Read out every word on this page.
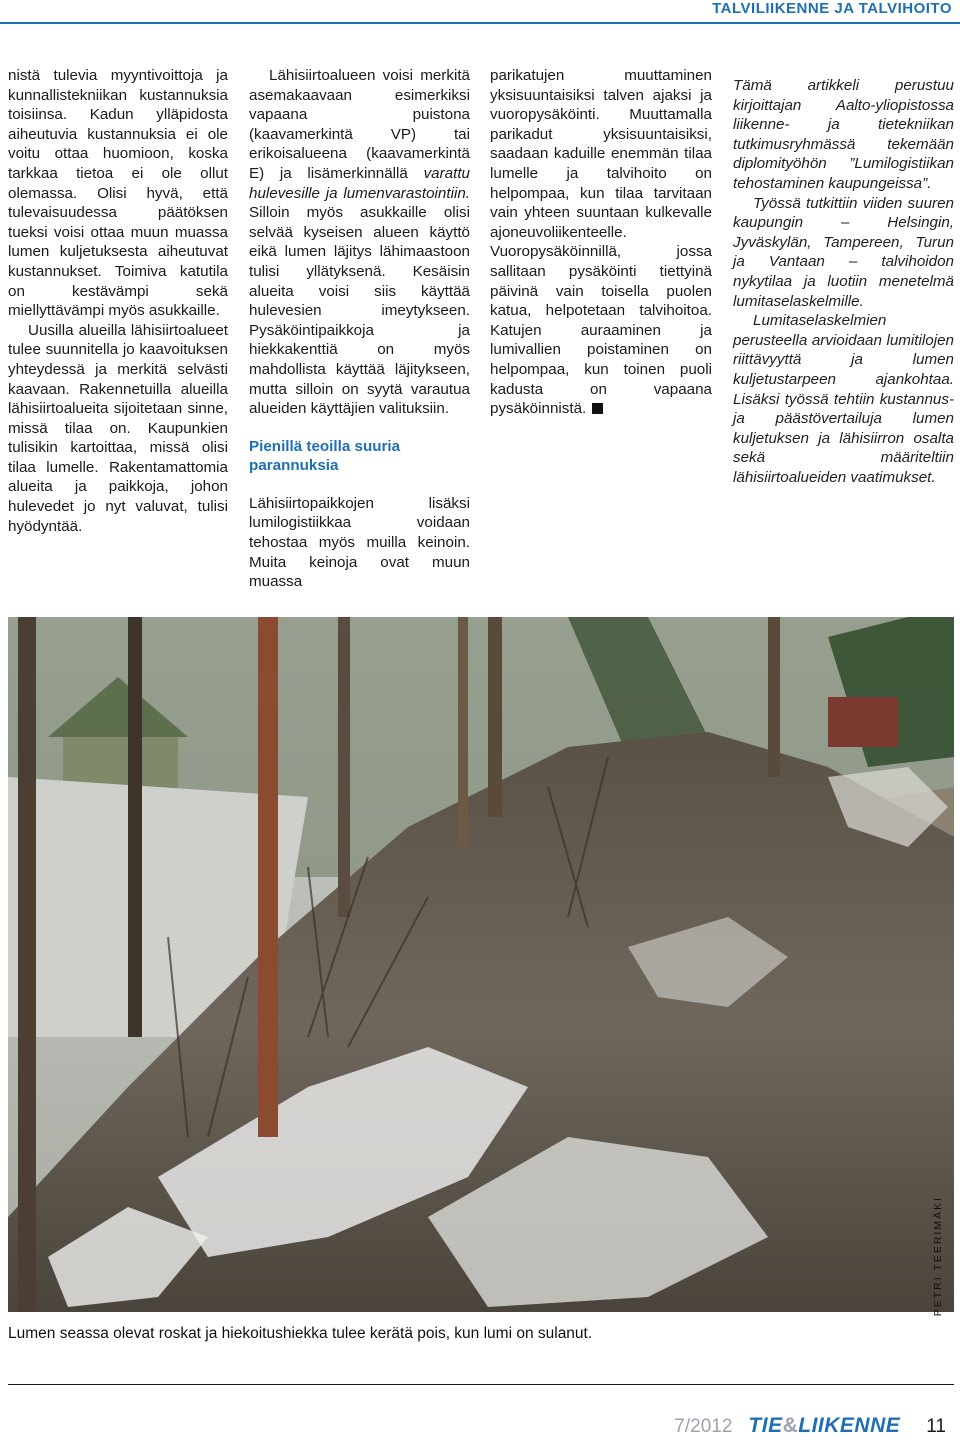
TALVILIIKENNE JA TALVIHOITO

nistä tulevia myyntivoittoja ja kunnallistekniikan kustannuksia toisiinsa. Kadun ylläpidosta aiheutuvia kustannuksia ei ole voitu ottaa huomioon, koska tarkkaa tietoa ei ole ollut olemassa. Olisi hyvä, että tulevaisuudessa päätöksen tueksi voisi ottaa muun muassa lumen kuljetuksesta aiheutuvat kustannukset. Toimiva katutila on kestävämpi sekä miellyttävämpi myös asukkaille.

Uusilla alueilla lähisiirtoalueet tulee suunnitella jo kaavoituksen yhteydessä ja merkitä selvästi kaavaan. Rakennetuilla alueilla lähisiirtoalueita sijoitetaan sinne, missä tilaa on. Kaupunkien tulisikin kartoittaa, missä olisi tilaa lumelle. Rakentamattomia alueita ja paikkoja, johon hulevedet jo nyt valuvat, tulisi hyödyntää.

Lähisiirtoalueen voisi merkitä asemakaavaan esimerkiksi vapaana puistona (kaavamerkintä VP) tai erikoisalueena (kaavamerkintä E) ja lisämerkinnällä varattu hulevesille ja lumenvarastointiin. Silloin myös asukkaille olisi selvää kyseisen alueen käyttö eikä lumen läjitys lähimaastoon tulisi yllätyksenä. Kesäisin alueita voisi siis käyttää hulevesien imeytykseen. Pysäköintipaikkoja ja hiekkakenttiä on myös mahdollista käyttää läjitykseen, mutta silloin on syytä varautua alueiden käyttäjien valituksiin.

Pienillä teoilla suuria parannuksia

Lähisiirtopaikkojen lisäksi lumilogistiikkaa voidaan tehostaa myös muilla keinoin. Muita keinoja ovat muun muassa

parikatujen muuttaminen yksisuuntaisiksi talven ajaksi ja vuoropysäköinti. Muuttamalla parikadut yksisuuntaisiksi, saadaan kaduille enemmän tilaa lumelle ja talvihoito on helpompaa, kun tilaa tarvitaan vain yhteen suuntaan kulkevalle ajoneuvoliikenteelle. Vuoropysäköinnillä, jossa sallitaan pysäköinti tiettyinä päivinä vain toisella puolen katua, helpotetaan talvihoitoa. Katujen auraaminen ja lumivallien poistaminen on helpompaa, kun toinen puoli kadusta on vapaana pysäköinnistä.

Tämä artikkeli perustuu kirjoittajan Aalto-yliopistossa liikenne- ja tietekniikan tutkimusryhmässä tekemään diplomityöhön ”Lumilogistiikan tehostaminen kaupungeissa”.

Työssä tutkittiin viiden suuren kaupungin – Helsingin, Jyväskylän, Tampereen, Turun ja Vantaan – talvihoidon nykytilaa ja luotiin menetelmä lumitaselaskelmille.

Lumitaselaskelmien perusteella arvioidaan lumitilojen riittävyyttä ja lumen kuljetustarpeen ajankohtaa. Lisäksi työssä tehtiin kustannus- ja päästövertailuja lumen kuljetuksen ja lähisiirron osalta sekä määriteltiin lähisiirtoalueiden vaatimukset.

PETRI TEERIMÄKI
Lumen seassa olevat roskat ja hiekoitushiekka tulee kerätä pois, kun lumi on sulanut.
7/2012 TIE&LIIKENNE 11
